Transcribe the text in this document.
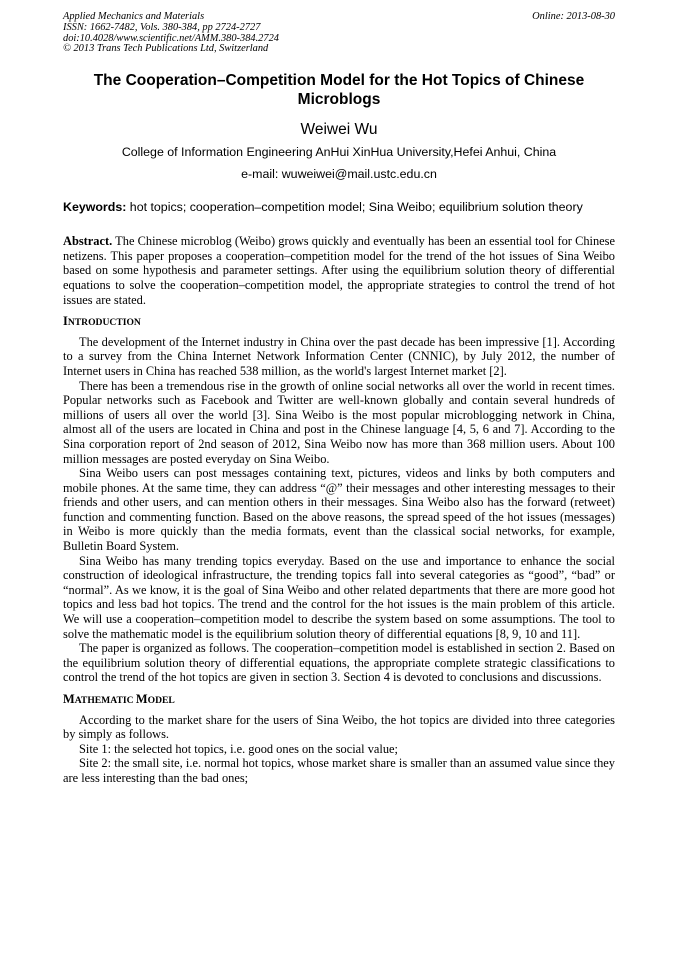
Applied Mechanics and Materials
ISSN: 1662-7482, Vols. 380-384, pp 2724-2727
doi:10.4028/www.scientific.net/AMM.380-384.2724
© 2013 Trans Tech Publications Ltd, Switzerland
Online: 2013-08-30
The Cooperation–Competition Model for the Hot Topics of Chinese Microblogs
Weiwei Wu
College of Information Engineering AnHui XinHua University,Hefei Anhui, China
e-mail: wuweiwei@mail.ustc.edu.cn
Keywords: hot topics; cooperation–competition model; Sina Weibo; equilibrium solution theory
Abstract. The Chinese microblog (Weibo) grows quickly and eventually has been an essential tool for Chinese netizens. This paper proposes a cooperation–competition model for the trend of the hot issues of Sina Weibo based on some hypothesis and parameter settings. After using the equilibrium solution theory of differential equations to solve the cooperation–competition model, the appropriate strategies to control the trend of hot issues are stated.
INTRODUCTION

The development of the Internet industry in China over the past decade has been impressive [1]. According to a survey from the China Internet Network Information Center (CNNIC), by July 2012, the number of Internet users in China has reached 538 million, as the world's largest Internet market [2].

There has been a tremendous rise in the growth of online social networks all over the world in recent times. Popular networks such as Facebook and Twitter are well-known globally and contain several hundreds of millions of users all over the world [3]. Sina Weibo is the most popular microblogging network in China, almost all of the users are located in China and post in the Chinese language [4, 5, 6 and 7]. According to the Sina corporation report of 2nd season of 2012, Sina Weibo now has more than 368 million users. About 100 million messages are posted everyday on Sina Weibo.

Sina Weibo users can post messages containing text, pictures, videos and links by both computers and mobile phones. At the same time, they can address “@” their messages and other interesting messages to their friends and other users, and can mention others in their messages. Sina Weibo also has the forward (retweet) function and commenting function. Based on the above reasons, the spread speed of the hot issues (messages) in Weibo is more quickly than the media formats, event than the classical social networks, for example, Bulletin Board System.

Sina Weibo has many trending topics everyday. Based on the use and importance to enhance the social construction of ideological infrastructure, the trending topics fall into several categories as “good”, “bad” or “normal”. As we know, it is the goal of Sina Weibo and other related departments that there are more good hot topics and less bad hot topics. The trend and the control for the hot issues is the main problem of this article. We will use a cooperation–competition model to describe the system based on some assumptions. The tool to solve the mathematic model is the equilibrium solution theory of differential equations [8, 9, 10 and 11].

The paper is organized as follows. The cooperation–competition model is established in section 2. Based on the equilibrium solution theory of differential equations, the appropriate complete strategic classifications to control the trend of the hot topics are given in section 3. Section 4 is devoted to conclusions and discussions.

MATHEMATIC MODEL

According to the market share for the users of Sina Weibo, the hot topics are divided into three categories by simply as follows.

Site 1: the selected hot topics, i.e. good ones on the social value;

Site 2: the small site, i.e. normal hot topics, whose market share is smaller than an assumed value since they are less interesting than the bad ones;
